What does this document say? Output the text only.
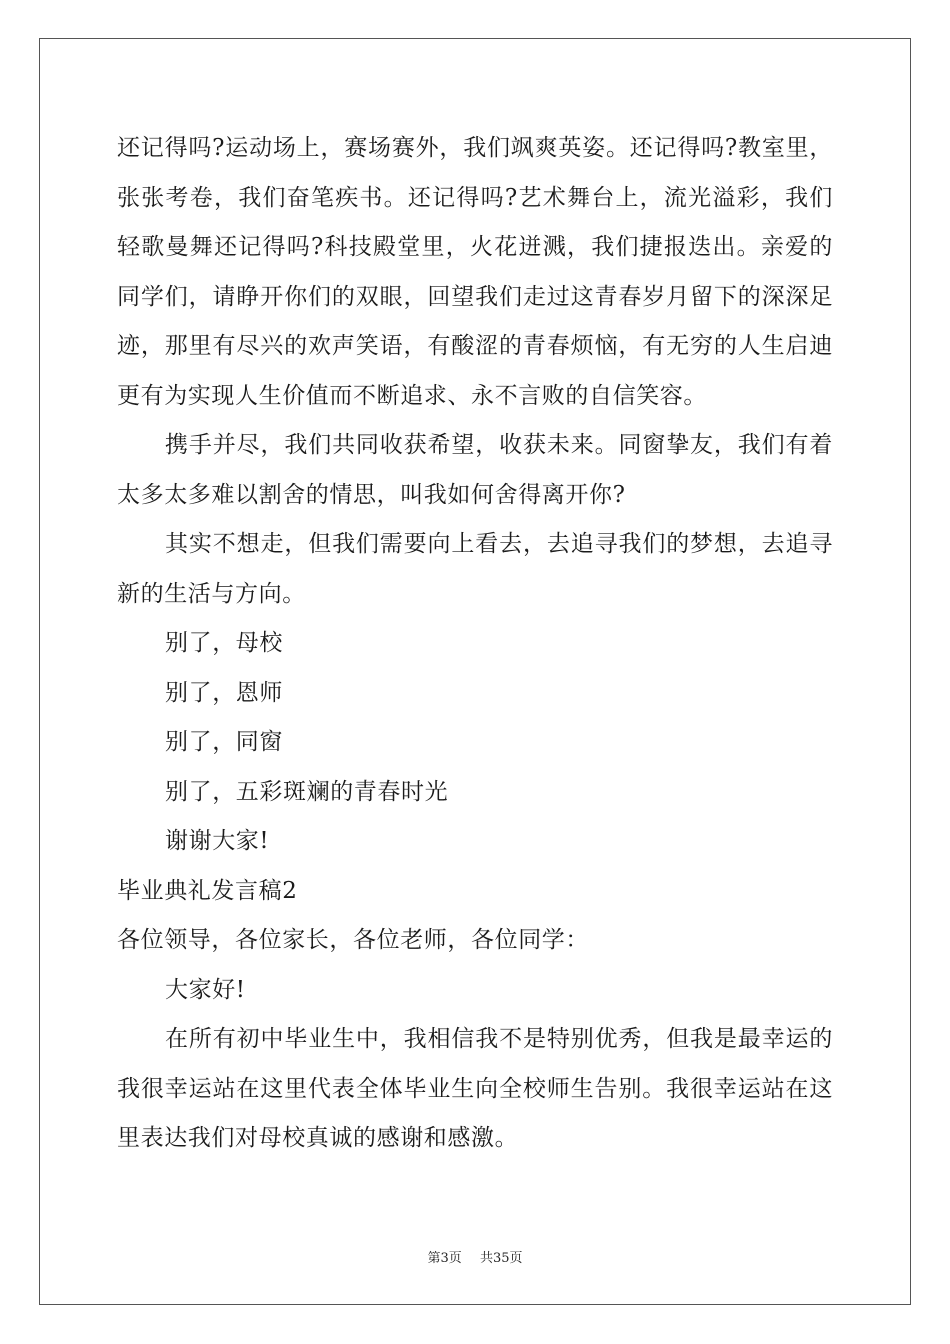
还记得吗?运动场上，赛场赛外，我们飒爽英姿。还记得吗?教室里，张张考卷，我们奋笔疾书。还记得吗?艺术舞台上，流光溢彩，我们轻歌曼舞还记得吗?科技殿堂里，火花迸溅，我们捷报迭出。亲爱的同学们，请睁开你们的双眼，回望我们走过这青春岁月留下的深深足迹，那里有尽兴的欢声笑语，有酸涩的青春烦恼，有无穷的人生启迪更有为实现人生价值而不断追求、永不言败的自信笑容。

携手并尽，我们共同收获希望，收获未来。同窗挚友，我们有着太多太多难以割舍的情思，叫我如何舍得离开你?

其实不想走，但我们需要向上看去，去追寻我们的梦想，去追寻新的生活与方向。

别了，母校

别了，恩师

别了，同窗

别了，五彩斑斓的青春时光

谢谢大家!

毕业典礼发言稿2

各位领导，各位家长，各位老师，各位同学：

大家好!

在所有初中毕业生中，我相信我不是特别优秀，但我是最幸运的我很幸运站在这里代表全体毕业生向全校师生告别。我很幸运站在这里表达我们对母校真诚的感谢和感激。

第3页 共35页
